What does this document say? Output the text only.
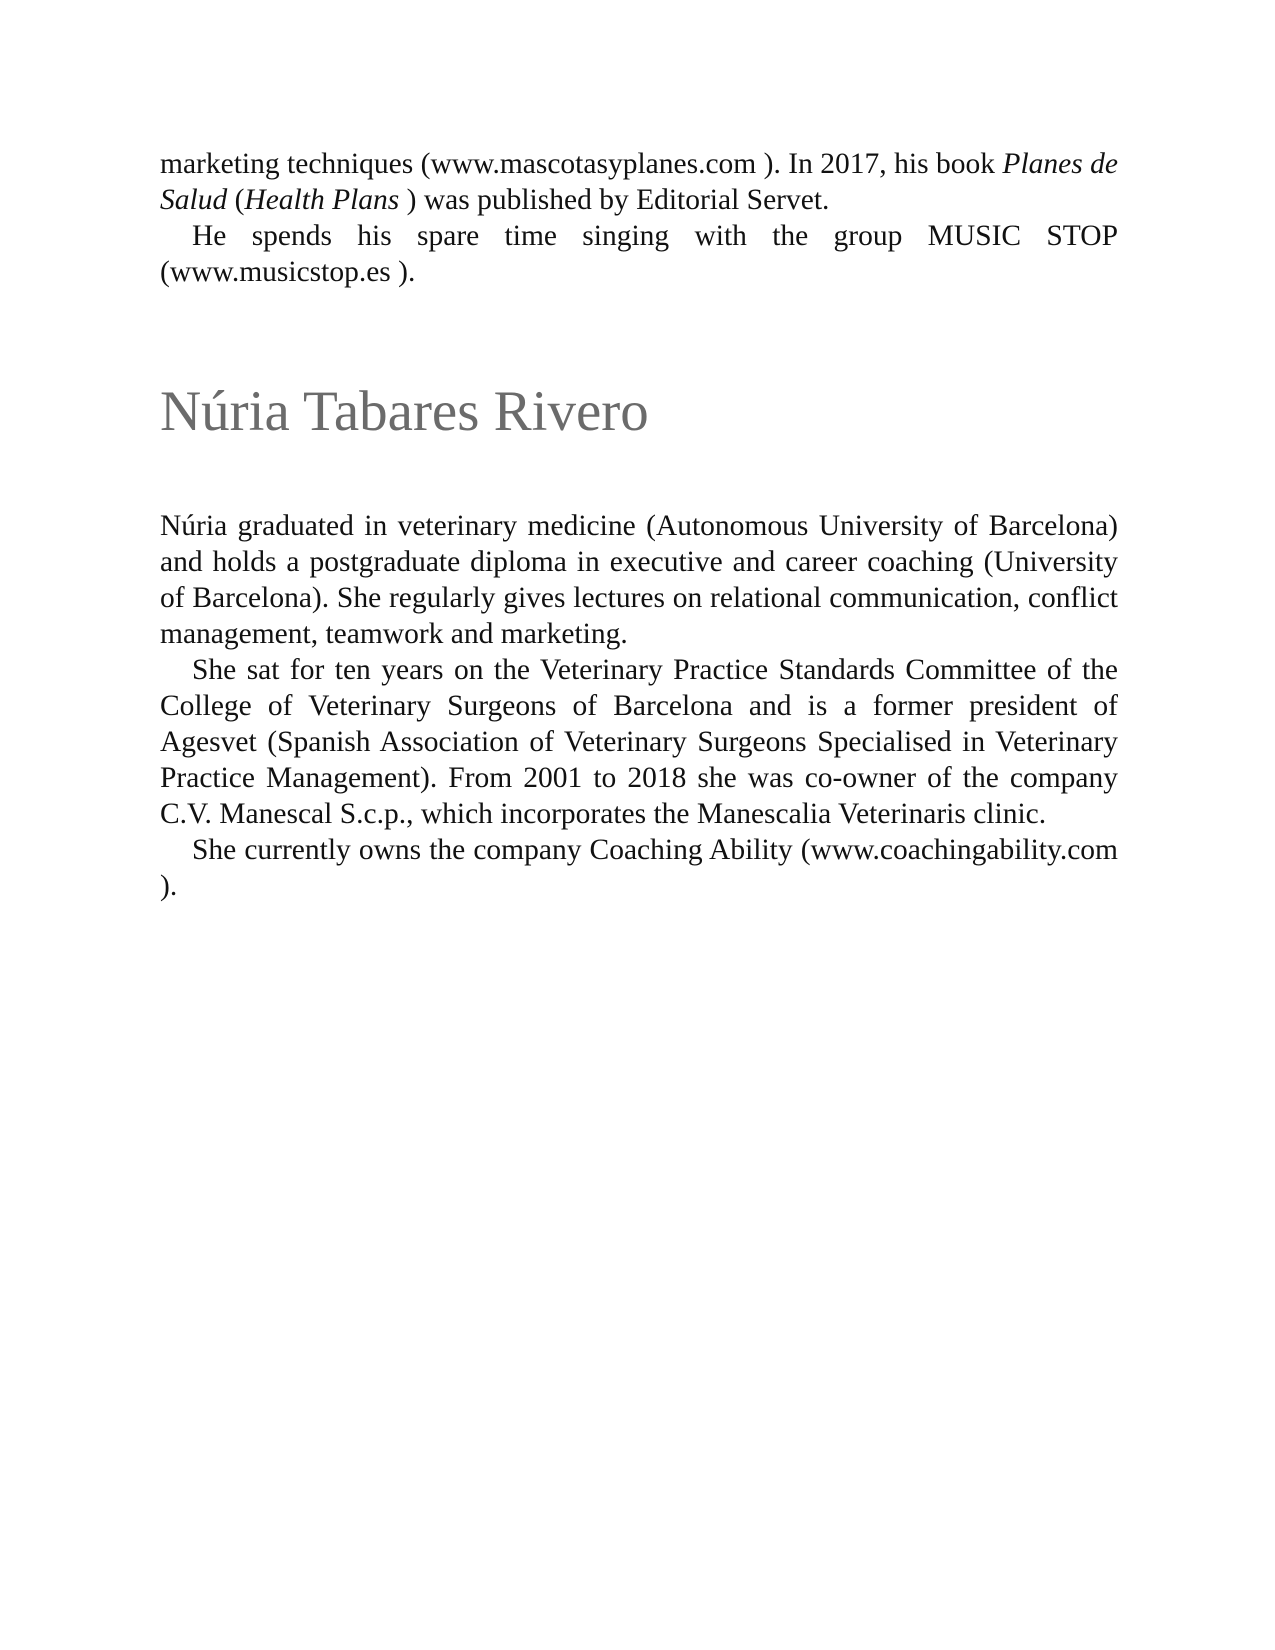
marketing techniques (www.mascotasyplanes.com ). In 2017, his book Planes de Salud (Health Plans ) was published by Editorial Servet.

He spends his spare time singing with the group MUSIC STOP (www.musicstop.es ).

Núria Tabares Rivero

Núria graduated in veterinary medicine (Autonomous University of Barcelona) and holds a postgraduate diploma in executive and career coaching (University of Barcelona). She regularly gives lectures on relational communication, conflict management, teamwork and marketing.

She sat for ten years on the Veterinary Practice Standards Committee of the College of Veterinary Surgeons of Barcelona and is a former president of Agesvet (Spanish Association of Veterinary Surgeons Specialised in Veterinary Practice Management). From 2001 to 2018 she was co-owner of the company C.V. Manescal S.c.p., which incorporates the Manescalia Veterinaris clinic.

She currently owns the company Coaching Ability (www.coachingability.com ).
